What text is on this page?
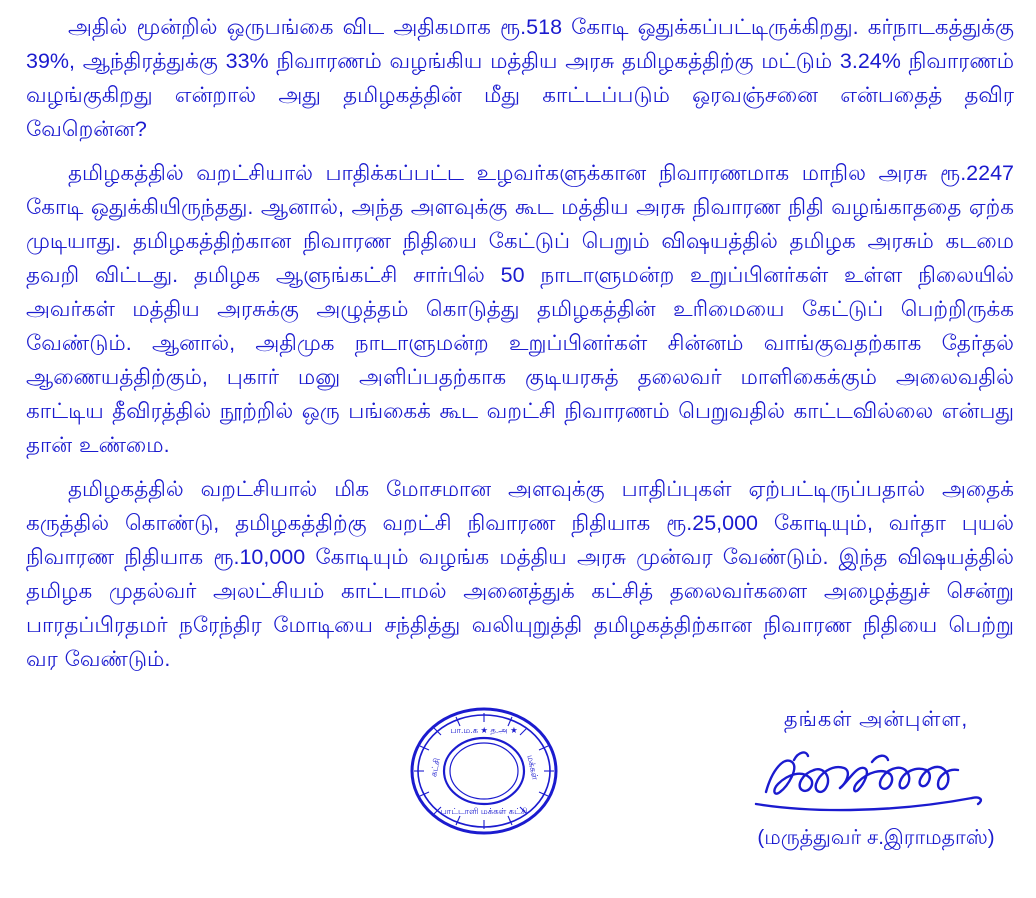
அதில் மூன்றில் ஒருபங்கை விட அதிகமாக ரூ.518 கோடி ஒதுக்கப்பட்டிருக்கிறது. கர்நாடகத்துக்கு 39%, ஆந்திரத்துக்கு 33% நிவாரணம் வழங்கிய மத்திய அரசு தமிழகத்திற்கு மட்டும் 3.24% நிவாரணம் வழங்குகிறது என்றால் அது தமிழகத்தின் மீது காட்டப்படும் ஒரவஞ்சனை என்பதைத் தவிர வேறென்ன?

தமிழகத்தில் வறட்சியால் பாதிக்கப்பட்ட உழவர்களுக்கான நிவாரணமாக மாநில அரசு ரூ.2247 கோடி ஒதுக்கியிருந்தது. ஆனால், அந்த அளவுக்கு கூட மத்திய அரசு நிவாரண நிதி வழங்காததை ஏற்க முடியாது. தமிழகத்திற்கான நிவாரண நிதியை கேட்டுப் பெறும் விஷயத்தில் தமிழக அரசும் கடமை தவறி விட்டது. தமிழக ஆளுங்கட்சி சார்பில் 50 நாடாளுமன்ற உறுப்பினர்கள் உள்ள நிலையில் அவர்கள் மத்திய அரசுக்கு அழுத்தம் கொடுத்து தமிழகத்தின் உரிமையை கேட்டுப் பெற்றிருக்க வேண்டும். ஆனால், அதிமுக நாடாளுமன்ற உறுப்பினர்கள் சின்னம் வாங்குவதற்காக தேர்தல் ஆணையத்திற்கும், புகார் மனு அளிப்பதற்காக குடியரசுத் தலைவர் மாளிகைக்கும் அலைவதில் காட்டிய தீவிரத்தில் நூற்றில் ஒரு பங்கைக் கூட வறட்சி நிவாரணம் பெறுவதில் காட்டவில்லை என்பது தான் உண்மை.

தமிழகத்தில் வறட்சியால் மிக மோசமான அளவுக்கு பாதிப்புகள் ஏற்பட்டிருப்பதால் அதைக் கருத்தில் கொண்டு, தமிழகத்திற்கு வறட்சி நிவாரண நிதியாக ரூ.25,000 கோடியும், வர்தா புயல் நிவாரண நிதியாக ரூ.10,000 கோடியும் வழங்க மத்திய அரசு முன்வர வேண்டும். இந்த விஷயத்தில் தமிழக முதல்வர் அலட்சியம் காட்டாமல் அனைத்துக் கட்சித் தலைவர்களை அழைத்துச் சென்று பாரதப்பிரதமர் நரேந்திர மோடியை சந்தித்து வலியுறுத்தி தமிழகத்திற்கான நிவாரண நிதியை பெற்று வர வேண்டும்.

பா.ம.க ★ த.அ ★
பாட்டாளி மக்கள் கட்சி
கட்சி	மக்கள்
தங்கள் அன்புள்ள,
(மருத்துவர் ச.இராமதாஸ்)
